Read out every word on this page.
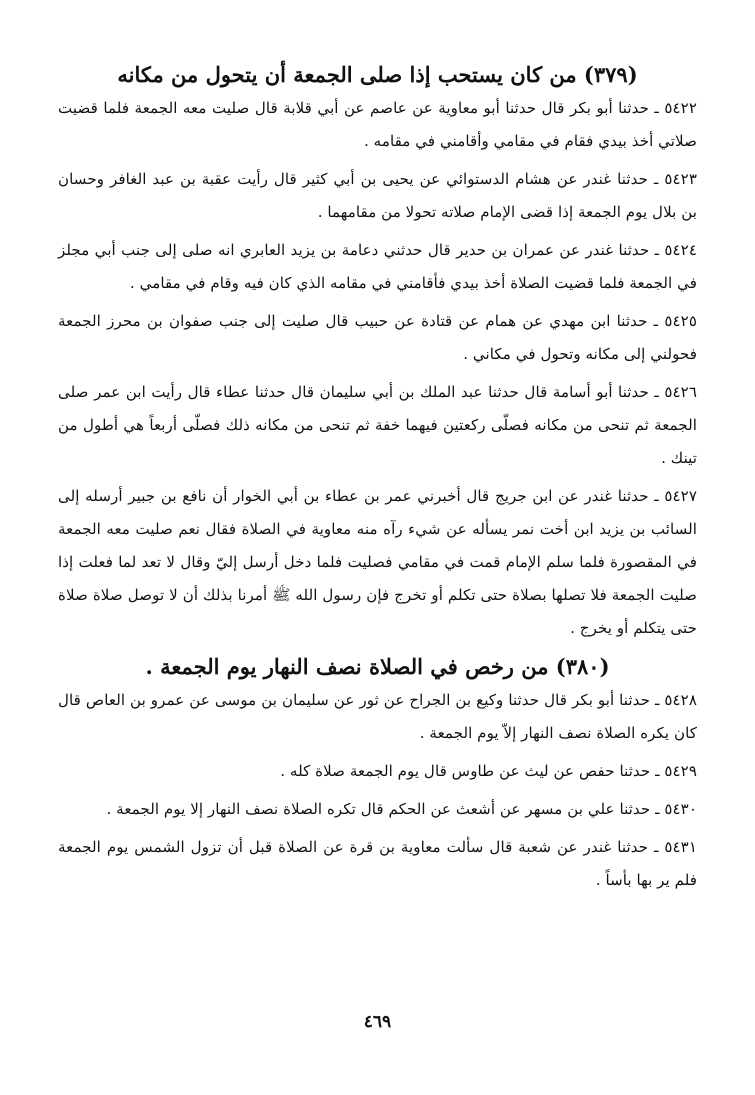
(٣٧٩) من كان يستحب إذا صلى الجمعة أن يتحول من مكانه

٥٤٢٢ ـ حدثنا أبو بكر قال حدثنا أبو معاوية عن عاصم عن أبي قلابة قال صليت معه الجمعة فلما قضيت صلاتي أخذ بيدي فقام في مقامي وأقامني في مقامه .

٥٤٢٣ ـ حدثنا غندر عن هشام الدستوائي عن يحيى بن أبي كثير قال رأيت عقبة بن عبد الغافر وحسان بن بلال يوم الجمعة إذا قضى الإمام صلاته تحولا من مقامهما .

٥٤٢٤ ـ حدثنا غندر عن عمران بن حدير قال حدثني دعامة بن يزيد العابري انه صلى إلى جنب أبي مجلز في الجمعة فلما قضيت الصلاة أخذ بيدي فأقامني في مقامه الذي كان فيه وقام في مقامي .

٥٤٢٥ ـ حدثنا ابن مهدي عن همام عن قتادة عن حبيب قال صليت إلى جنب صفوان بن محرز الجمعة فحولني إلى مكانه وتحول في مكاني .

٥٤٢٦ ـ حدثنا أبو أسامة قال حدثنا عبد الملك بن أبي سليمان قال حدثنا عطاء قال رأيت ابن عمر صلى الجمعة ثم تنحى من مكانه فصلّى ركعتين فيهما خفة ثم تنحى من مكانه ذلك فصلّى أربعاً هي أطول من تينك .

٥٤٢٧ ـ حدثنا غندر عن ابن جريج قال أخبرني عمر بن عطاء بن أبي الخوار أن نافع بن جبير أرسله إلى السائب بن يزيد ابن أخت نمر يسأله عن شيء رآه منه معاوية في الصلاة فقال نعم صليت معه الجمعة في المقصورة فلما سلم الإمام قمت في مقامي فصليت فلما دخل أرسل إليّ وقال لا تعد لما فعلت إذا صليت الجمعة فلا تصلها بصلاة حتى تكلم أو تخرج فإن رسول الله ﷺ أمرنا بذلك أن لا توصل صلاة صلاة حتى يتكلم أو يخرج .

(٣٨٠) من رخص في الصلاة نصف النهار يوم الجمعة .

٥٤٢٨ ـ حدثنا أبو بكر قال حدثنا وكيع بن الجراح عن ثور عن سليمان بن موسى عن عمرو بن العاص قال كان يكره الصلاة نصف النهار إلاّ يوم الجمعة .

٥٤٢٩ ـ حدثنا حفص عن ليث عن طاوس قال يوم الجمعة صلاة كله .

٥٤٣٠ ـ حدثنا علي بن مسهر عن أشعث عن الحكم قال تكره الصلاة نصف النهار إلا يوم الجمعة .

٥٤٣١ ـ حدثنا غندر عن شعبة قال سألت معاوية بن قرة عن الصلاة قبل أن تزول الشمس يوم الجمعة فلم ير بها بأساً .

٤٦٩
